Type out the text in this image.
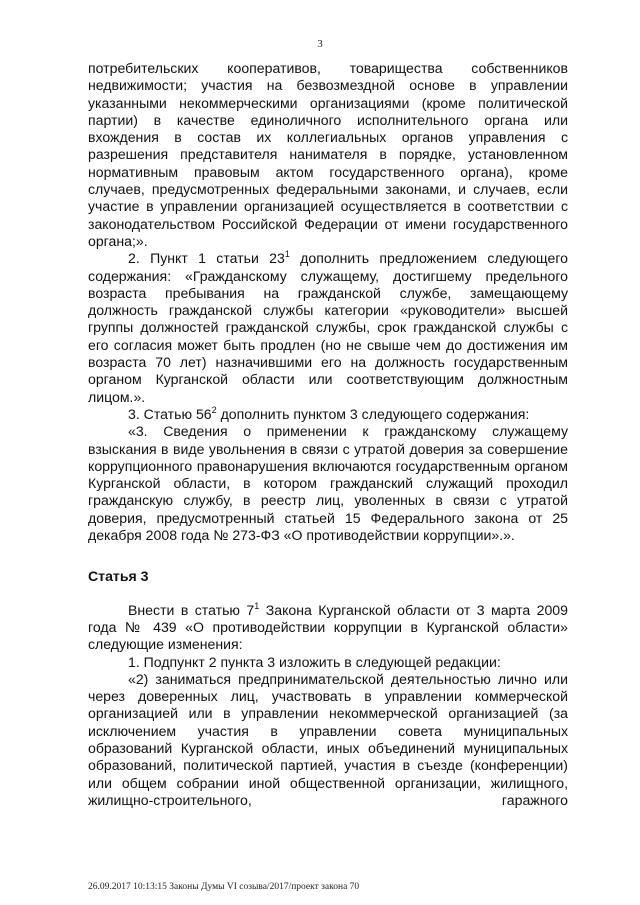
3

потребительских кооперативов, товарищества собственников недвижимости; участия на безвозмездной основе в управлении указанными некоммерческими организациями (кроме политической партии) в качестве единоличного исполнительного органа или вхождения в состав их коллегиальных органов управления с разрешения представителя нанимателя в порядке, установленном нормативным правовым актом государственного органа), кроме случаев, предусмотренных федеральными законами, и случаев, если участие в управлении организацией осуществляется в соответствии с законодательством Российской Федерации от имени государственного органа;».

2. Пункт 1 статьи $23^1$ дополнить предложением следующего содержания: «Гражданскому служащему, достигшему предельного возраста пребывания на гражданской службе, замещающему должность гражданской службы категории «руководители» высшей группы должностей гражданской службы, срок гражданской службы с его согласия может быть продлен (но не свыше чем до достижения им возраста 70 лет) назначившими его на должность государственным органом Курганской области или соответствующим должностным лицом.».

3. Статью $56^2$ дополнить пунктом 3 следующего содержания:

«3. Сведения о применении к гражданскому служащему взыскания в виде увольнения в связи с утратой доверия за совершение коррупционного правонарушения включаются государственным органом Курганской области, в котором гражданский служащий проходил гражданскую службу, в реестр лиц, уволенных в связи с утратой доверия, предусмотренный статьей 15 Федерального закона от 25 декабря 2008 года № 273-ФЗ «О противодействии коррупции».».

Статья 3

Внести в статью $7^1$ Закона Курганской области от 3 марта 2009 года № 439 «О противодействии коррупции в Курганской области» следующие изменения:

1. Подпункт 2 пункта 3 изложить в следующей редакции:

«2) заниматься предпринимательской деятельностью лично или через доверенных лиц, участвовать в управлении коммерческой организацией или в управлении некоммерческой организацией (за исключением участия в управлении совета муниципальных образований Курганской области, иных объединений муниципальных образований, политической партией, участия в съезде (конференции) или общем собрании иной общественной организации, жилищного, жилищно-строительного, гаражного

26.09.2017 10:13:15 Законы Думы VI созыва/2017/проект закона 70
